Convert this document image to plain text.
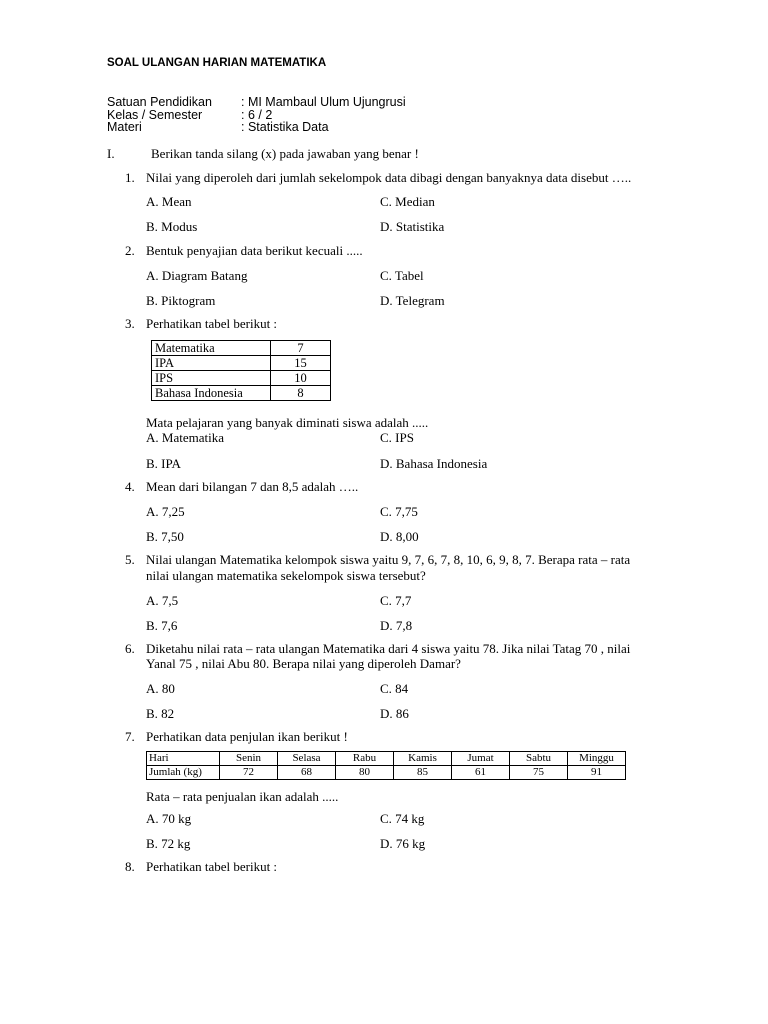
SOAL ULANGAN HARIAN MATEMATIKA
Satuan Pendidikan : MI Mambaul Ulum Ujungrusi
Kelas / Semester	: 6 / 2
Materi	: Statistika Data
I.	Berikan tanda silang (x) pada jawaban yang benar !
1. Nilai yang diperoleh dari jumlah sekelompok data dibagi dengan banyaknya data disebut …..
A. Mean	C. Median
B. Modus	D. Statistika
2. Bentuk penyajian data berikut kecuali .....
A. Diagram Batang	C. Tabel
B. Piktogram	D. Telegram
3. Perhatikan tabel berikut :
Matematika	7
IPA	15
IPS	10
Bahasa Indonesia	8
Mata pelajaran yang banyak diminati siswa adalah .....
A. Matematika	C. IPS
B. IPA	D. Bahasa Indonesia
4. Mean dari bilangan 7 dan 8,5 adalah …..
A. 7,25	C. 7,75
B. 7,50	D. 8,00
5. Nilai ulangan Matematika kelompok siswa yaitu 9, 7, 6, 7, 8, 10, 6, 9, 8, 7. Berapa rata – rata
nilai ulangan matematika sekelompok siswa tersebut?
A. 7,5	C. 7,7
B. 7,6	D. 7,8
6. Diketahu nilai rata – rata ulangan Matematika dari 4 siswa yaitu 78. Jika nilai Tatag 70 , nilai
Yanal 75 , nilai Abu 80. Berapa nilai yang diperoleh Damar?
A. 80	C. 84
B. 82	D. 86
7. Perhatikan data penjulan ikan berikut !
Hari	Senin	Selasa	Rabu	Kamis	Jumat	Sabtu	Minggu
Jumlah (kg)	72	68	80	85	61	75	91
Rata – rata penjualan ikan adalah .....
A. 70 kg	C. 74 kg
B. 72 kg	D. 76 kg
8. Perhatikan tabel berikut :
